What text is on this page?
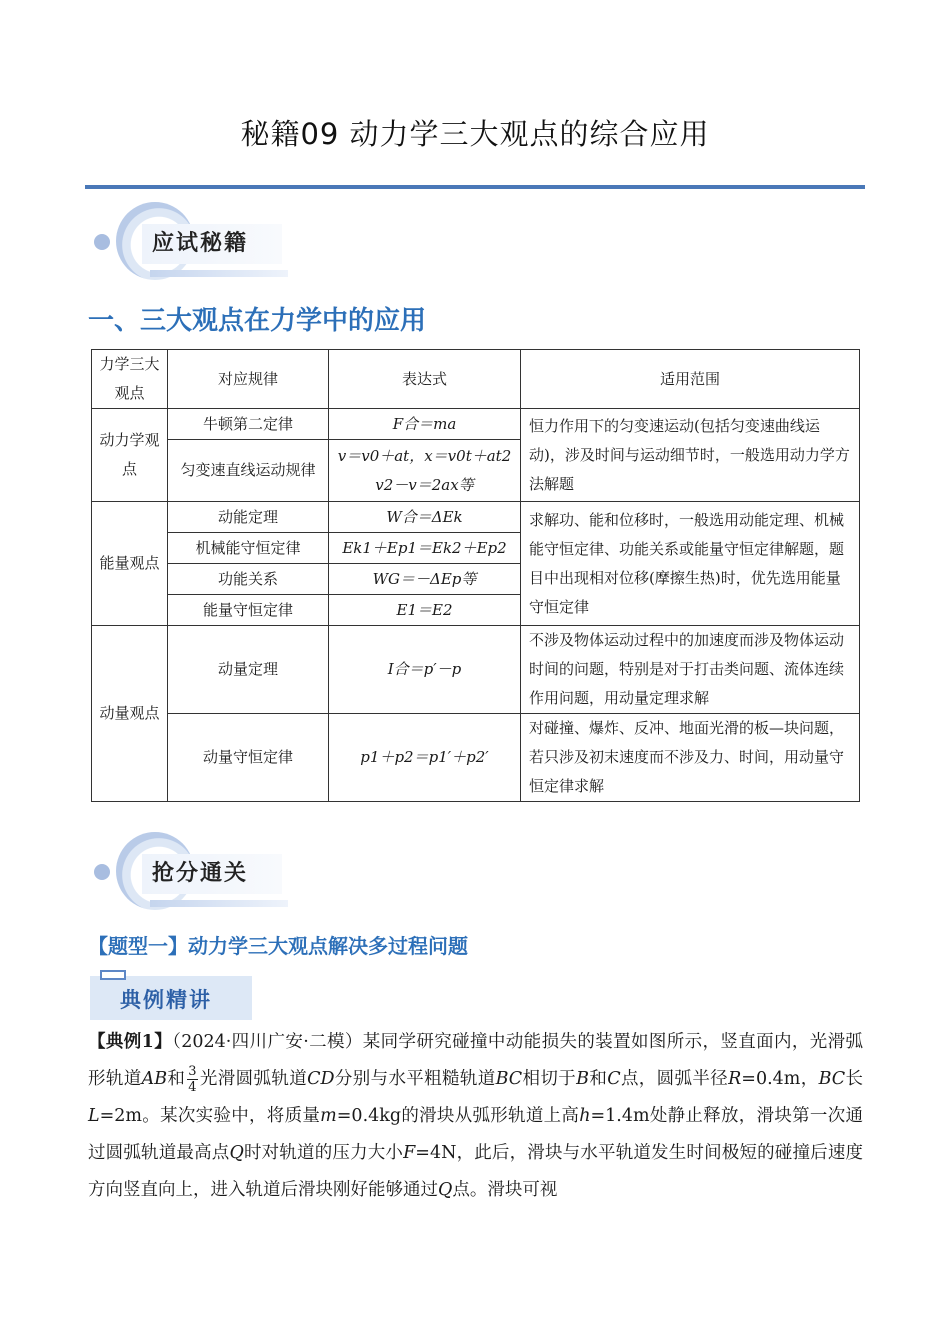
秘籍09 动力学三大观点的综合应用
应试秘籍
一、三大观点在力学中的应用
力学三大观点	对应规律	表达式	适用范围
动力学观点	牛顿第二定律	F合＝ma	恒力作用下的匀变速运动(包括匀变速曲线运动)，涉及时间与运动细节时，一般选用动力学方法解题
	匀变速直线运动规律	v＝v0＋at，x＝v0t＋at2 v2－v＝2ax等	
能量观点	动能定理	W合＝ΔEk	求解功、能和位移时，一般选用动能定理、机械能守恒定律、功能关系或能量守恒定律解题，题目中出现相对位移(摩擦生热)时，优先选用能量守恒定律
	机械能守恒定律	Ek1＋Ep1＝Ek2＋Ep2	
	功能关系	WG＝－ΔEp等	
	能量守恒定律	E1＝E2	
动量观点	动量定理	I合＝p′－p	不涉及物体运动过程中的加速度而涉及物体运动时间的问题，特别是对于打击类问题、流体连续作用问题，用动量定理求解
	动量守恒定律	p1＋p2＝p1′＋p2′	对碰撞、爆炸、反冲、地面光滑的板—块问题，若只涉及初末速度而不涉及力、时间，用动量守恒定律求解
抢分通关
【题型一】动力学三大观点解决多过程问题
典例精讲
【典例1】（2024·四川广安·二模）某同学研究碰撞中动能损失的装置如图所示，竖直面内，光滑弧形轨道AB和 $\frac{3}{4}$ 光滑圆弧轨道CD分别与水平粗糙轨道BC相切于B和C点，圆弧半径R=0.4m，BC长L=2m。某次实验中，将质量m=0.4kg的滑块从弧形轨道上高h=1.4m处静止释放，滑块第一次通过圆弧轨道最高点Q时对轨道的压力大小F=4N，此后，滑块与水平轨道发生时间极短的碰撞后速度方向竖直向上，进入轨道后滑块刚好能够通过Q点。滑块可视
